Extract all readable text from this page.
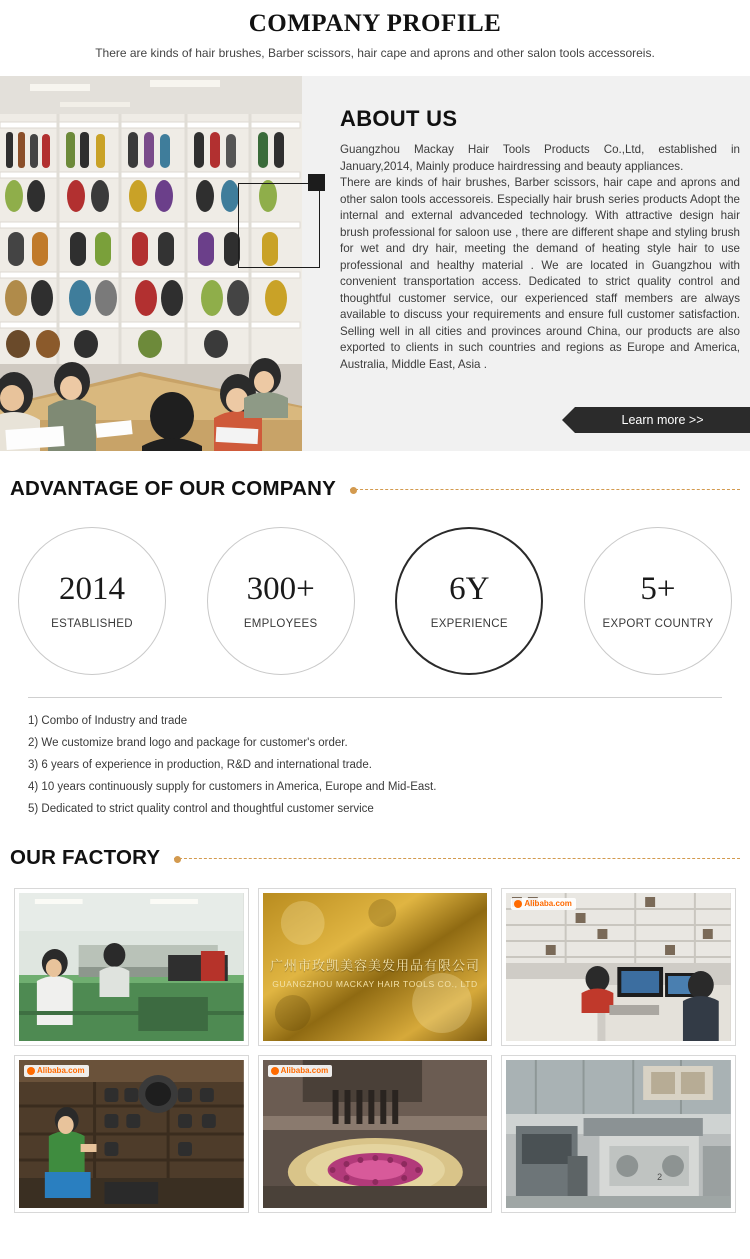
COMPANY PROFILE

There are kinds of hair brushes, Barber scissors, hair cape and aprons and other salon tools accessoreis.

ABOUT US

Guangzhou Mackay Hair Tools Products Co.,Ltd, established in January,2014, Mainly produce hairdressing and beauty appliances.

There are kinds of hair brushes, Barber scissors, hair cape and aprons and other salon tools accessoreis. Especially hair brush series products Adopt the internal and external advanceded technology. With attractive design hair brush professional for saloon use , there are different shape and styling brush for wet and dry hair, meeting the demand of heating style hair to use professional and healthy material . We are located in Guangzhou with convenient transportation access. Dedicated to strict quality control and thoughtful customer service, our experienced staff members are always available to discuss your requirements and ensure full customer satisfaction. Selling well in all cities and provinces around China, our products are also exported to clients in such countries and regions as Europe and America, Australia, Middle East, Asia .

Learn more >>
ADVANTAGE OF OUR COMPANY
2014
ESTABLISHED
300+
EMPLOYEES
6Y
EXPERIENCE
5+
EXPORT COUNTRY
1) Combo of Industry and trade
2) We customize brand logo and package for customer's order.
3) 6 years of experience in production, R&D and international trade.
4) 10 years continuously supply for customers in America, Europe and Mid-East.
5) Dedicated to strict quality control and thoughtful customer service
OUR FACTORY
广州市玫凯美容美发用品有限公司
GUANGZHOU MACKAY HAIR TOOLS CO., LTD
Alibaba.com
Alibaba.com	Alibaba.com
2
